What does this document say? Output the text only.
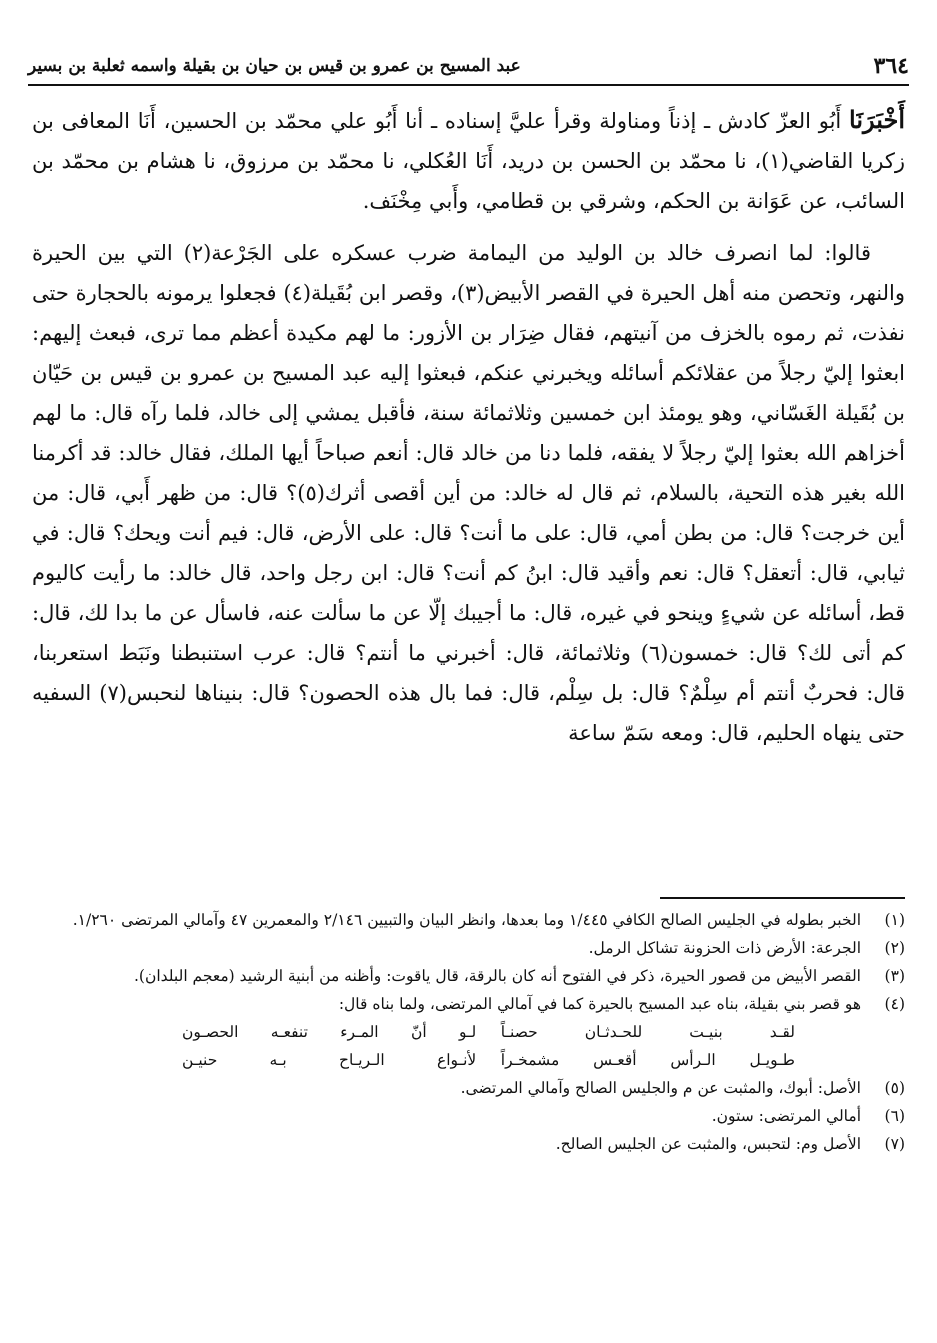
٣٦٤
عبد المسيح بن عمرو بن قيس بن حيان بن بقيلة واسمه ثعلبة بن بسير

أَخْبَرَنَا أَبُو العزّ كادش ـ إذناً ومناولة وقرأ عليَّ إسناده ـ أنا أَبُو علي محمّد بن الحسين، أَنَا المعافى بن زكريا القاضي(١)، نا محمّد بن الحسن بن دريد، أَنَا العُكلي، نا محمّد بن مرزوق، نا هشام بن محمّد بن السائب، عن عَوَانة بن الحكم، وشرقي بن قطامي، وأَبي مِخْنَف.

قالوا: لما انصرف خالد بن الوليد من اليمامة ضرب عسكره على الجَرْعة(٢) التي بين الحيرة والنهر، وتحصن منه أهل الحيرة في القصر الأبيض(٣)، وقصر ابن بُقَيلة(٤) فجعلوا يرمونه بالحجارة حتى نفذت، ثم رموه بالخزف من آنيتهم، فقال ضِرَار بن الأزور: ما لهم مكيدة أعظم مما ترى، فبعث إليهم: ابعثوا إليّ رجلاً من عقلائكم أسائله ويخبرني عنكم، فبعثوا إليه عبد المسيح بن عمرو بن قيس بن حَيّان بن بُقَيلة الغَسّاني، وهو يومئذ ابن خمسين وثلاثمائة سنة، فأقبل يمشي إلى خالد، فلما رآه قال: ما لهم أخزاهم الله بعثوا إليّ رجلاً لا يفقه، فلما دنا من خالد قال: أنعم صباحاً أيها الملك، فقال خالد: قد أكرمنا الله بغير هذه التحية، بالسلام، ثم قال له خالد: من أين أقصى أثرك(٥)؟ قال: من ظهر أَبي، قال: من أين خرجت؟ قال: من بطن أمي، قال: على ما أنت؟ قال: على الأرض، قال: فيم أنت ويحك؟ قال: في ثيابي، قال: أتعقل؟ قال: نعم وأقيد قال: ابنُ كم أنت؟ قال: ابن رجل واحد، قال خالد: ما رأيت كاليوم قط، أسائله عن شيءٍ وينحو في غيره، قال: ما أجيبك إلّا عن ما سألت عنه، فاسأل عن ما بدا لك، قال: كم أتى لك؟ قال: خمسون(٦) وثلاثمائة، قال: أخبرني ما أنتم؟ قال: عرب استنبطنا ونَبَط استعربنا، قال: فحربٌ أنتم أم سِلْمٌ؟ قال: بل سِلْم، قال: فما بال هذه الحصون؟ قال: بنيناها لنحبس(٧) السفيه حتى ينهاه الحليم، قال: ومعه سَمّ ساعة

(١)
الخبر بطوله في الجليس الصالح الكافي ١/٤٤٥ وما بعدها، وانظر البيان والتبيين ٢/١٤٦ والمعمرين ٤٧ وآمالي المرتضى ١/٢٦٠.
(٢)
الجرعة: الأرض ذات الحزونة تشاكل الرمل.
(٣)
القصر الأبيض من قصور الحيرة، ذكر في الفتوح أنه كان بالرقة، قال ياقوت: وأظنه من أبنية الرشيد (معجم البلدان).
(٤)
هو قصر بني بقيلة، بناه عبد المسيح بالحيرة كما في آمالي المرتضى، ولما بناه قال:
لقـد بنيـت للحـدثـان حصنـاً
لـو أنّ المـرء تنفعـه الحصـون
طـويـل الـرأس أقعـس مشمخـراً
لأنـواع الـريـاح بـه حنيـن
(٥)
الأصل: أبوك، والمثبت عن م والجليس الصالح وآمالي المرتضى.
(٦)
أمالي المرتضى: ستون.
(٧)
الأصل وم: لتحبس، والمثبت عن الجليس الصالح.
